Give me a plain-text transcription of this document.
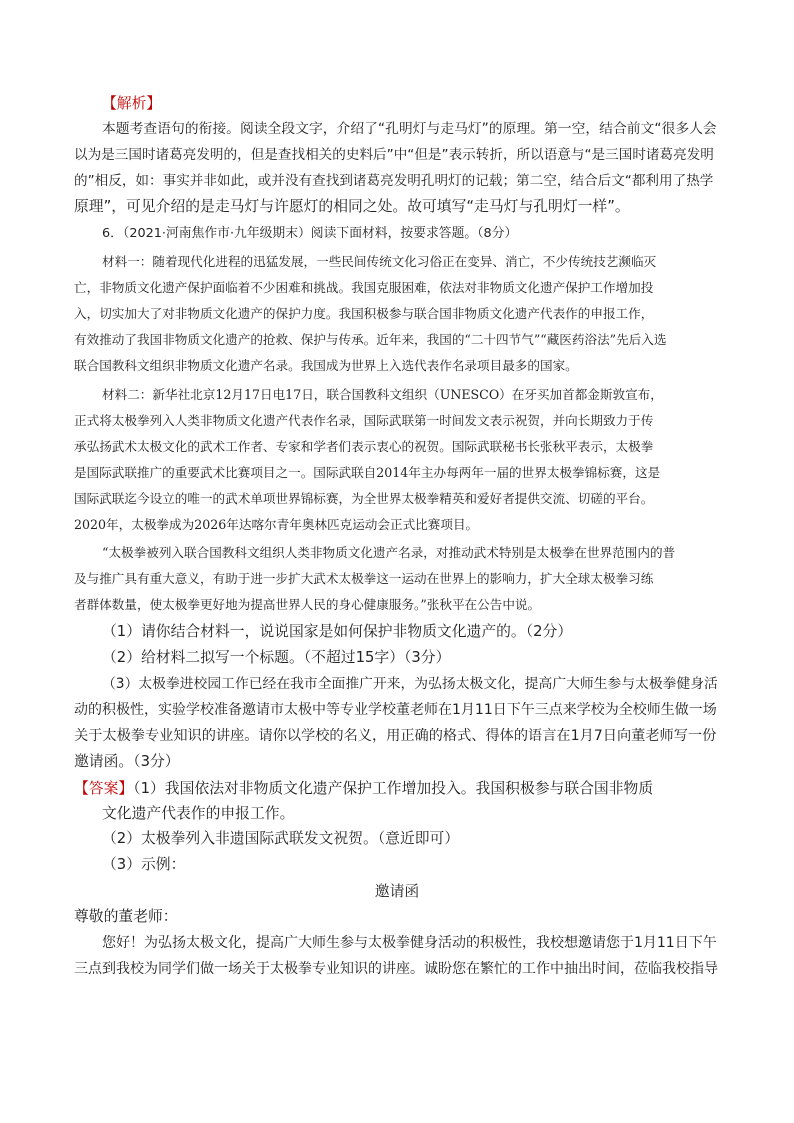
【解析】
本题考查语句的衔接。阅读全段文字，介绍了“孔明灯与走马灯”的原理。第一空，结合前文“很多人会
以为是三国时诸葛亮发明的，但是查找相关的史料后”中“但是”表示转折，所以语意与“是三国时诸葛亮发明
的”相反，如：事实并非如此，或并没有查找到诸葛亮发明孔明灯的记载；第二空，结合后文“都利用了热学
原理”，可见介绍的是走马灯与许愿灯的相同之处。故可填写“走马灯与孔明灯一样”。
6．（2021·河南焦作市·九年级期末）阅读下面材料，按要求答题。（8分）
材料一：随着现代化进程的迅猛发展，一些民间传统文化习俗正在变异、消亡，不少传统技艺濒临灭
亡，非物质文化遗产保护面临着不少困难和挑战。我国克服困难，依法对非物质文化遗产保护工作增加投
入，切实加大了对非物质文化遗产的保护力度。我国积极参与联合国非物质文化遗产代表作的申报工作，
有效推动了我国非物质文化遗产的抢救、保护与传承。近年来，我国的“二十四节气”“藏医药浴法”先后入选
联合国教科文组织非物质文化遗产名录。我国成为世界上入选代表作名录项目最多的国家。
材料二：新华社北京12月17日电17日，联合国教科文组织（UNESCO）在牙买加首都金斯敦宣布，
正式将太极拳列入人类非物质文化遗产代表作名录，国际武联第一时间发文表示祝贺，并向长期致力于传
承弘扬武术太极文化的武术工作者、专家和学者们表示衷心的祝贺。国际武联秘书长张秋平表示，太极拳
是国际武联推广的重要武术比赛项目之一。国际武联自2014年主办每两年一届的世界太极拳锦标赛，这是
国际武联迄今设立的唯一的武术单项世界锦标赛，为全世界太极拳精英和爱好者提供交流、切磋的平台。
2020年，太极拳成为2026年达喀尔青年奥林匹克运动会正式比赛项目。
“太极拳被列入联合国教科文组织人类非物质文化遗产名录，对推动武术特别是太极拳在世界范围内的普
及与推广具有重大意义，有助于进一步扩大武术太极拳这一运动在世界上的影响力，扩大全球太极拳习练
者群体数量，使太极拳更好地为提高世界人民的身心健康服务。”张秋平在公告中说。
（1）请你结合材料一，说说国家是如何保护非物质文化遗产的。（2分）
（2）给材料二拟写一个标题。（不超过15字）（3分）
（3）太极拳进校园工作已经在我市全面推广开来，为弘扬太极文化，提高广大师生参与太极拳健身活
动的积极性，实验学校准备邀请市太极中等专业学校董老师在1月11日下午三点来学校为全校师生做一场
关于太极拳专业知识的讲座。请你以学校的名义，用正确的格式、得体的语言在1月7日向董老师写一份
邀请函。（3分）
【答案】（1）我国依法对非物质文化遗产保护工作增加投入。我国积极参与联合国非物质
文化遗产代表作的申报工作。
（2）太极拳列入非遗国际武联发文祝贺。（意近即可）
（3）示例：
邀请函
尊敬的董老师：
您好！为弘扬太极文化，提高广大师生参与太极拳健身活动的积极性，我校想邀请您于1月11日下午
三点到我校为同学们做一场关于太极拳专业知识的讲座。诚盼您在繁忙的工作中抽出时间，莅临我校指导
